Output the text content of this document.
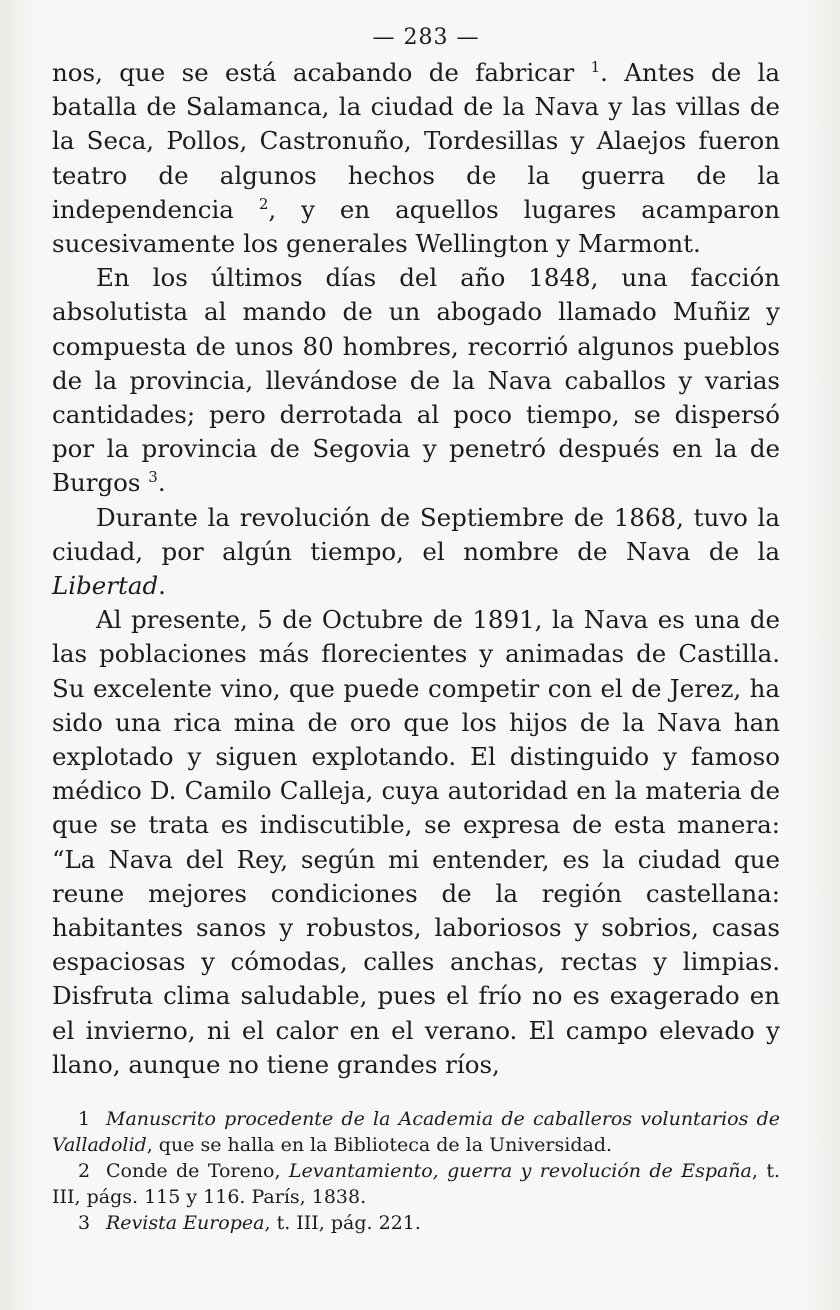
— 283 —

nos, que se está acabando de fabricar $^1$. Antes de la batalla de Salamanca, la ciudad de la Nava y las villas de la Seca, Pollos, Castronuño, Tordesillas y Alaejos fueron teatro de algunos hechos de la guerra de la independencia $^2$, y en aquellos lugares acamparon sucesivamente los generales Wellington y Marmont.

En los últimos días del año 1848, una facción absolutista al mando de un abogado llamado Muñiz y compuesta de unos 80 hombres, recorrió algunos pueblos de la provincia, llevándose de la Nava caballos y varias cantidades; pero derrotada al poco tiempo, se dispersó por la provincia de Segovia y penetró después en la de Burgos $^3$.

Durante la revolución de Septiembre de 1868, tuvo la ciudad, por algún tiempo, el nombre de Nava de la Libertad.

Al presente, 5 de Octubre de 1891, la Nava es una de las poblaciones más florecientes y animadas de Castilla. Su excelente vino, que puede competir con el de Jerez, ha sido una rica mina de oro que los hijos de la Nava han explotado y siguen explotando. El distinguido y famoso médico D. Camilo Calleja, cuya autoridad en la materia de que se trata es indiscutible, se expresa de esta manera: “La Nava del Rey, según mi entender, es la ciudad que reune mejores condiciones de la región castellana: habitantes sanos y robustos, laboriosos y sobrios, casas espaciosas y cómodas, calles anchas, rectas y limpias. Disfruta clima saludable, pues el frío no es exagerado en el invierno, ni el calor en el verano. El campo elevado y llano, aunque no tiene grandes ríos,

1 Manuscrito procedente de la Academia de caballeros voluntarios de Valladolid, que se halla en la Biblioteca de la Universidad.

2 Conde de Toreno, Levantamiento, guerra y revolución de España, t. III, págs. 115 y 116. París, 1838.

3 Revista Europea, t. III, pág. 221.
